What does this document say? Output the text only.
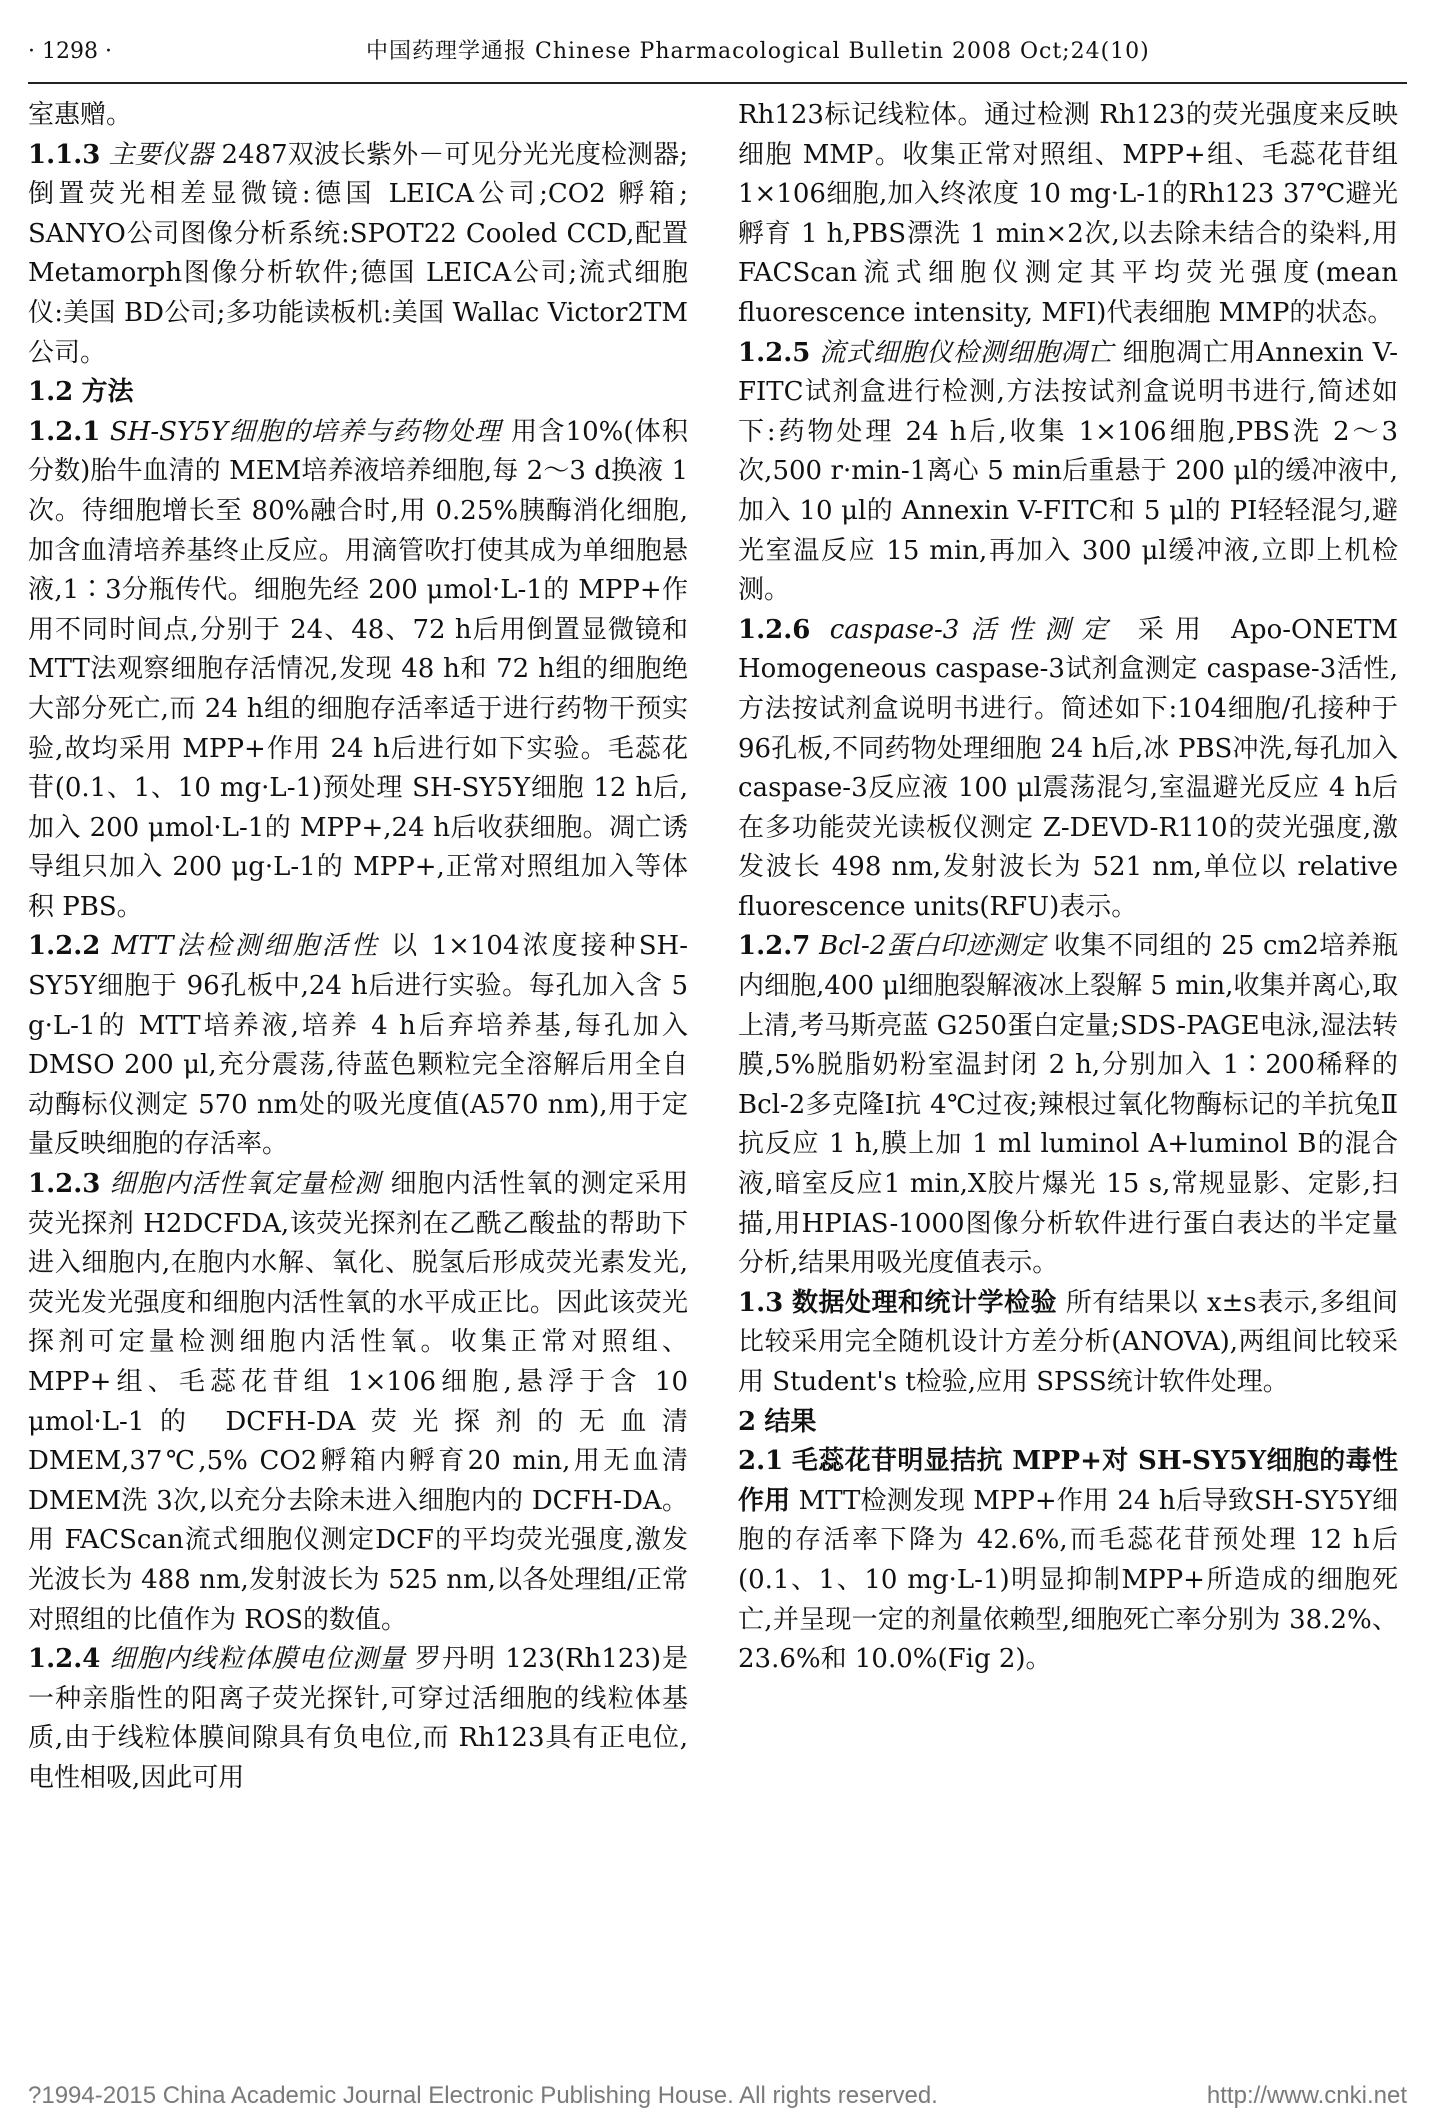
· 1298 ·	中国药理学通报 Chinese Pharmacological Bulletin 2008 Oct;24(10)

室惠赠。

1.1.3 主要仪器 2487双波长紫外－可见分光光度检测器;倒置荧光相差显微镜:德国 LEICA公司;CO2 孵箱; SANYO公司图像分析系统:SPOT22 Cooled CCD,配置 Metamorph图像分析软件;德国 LEICA公司;流式细胞仪:美国 BD公司;多功能读板机:美国 Wallac Victor2TM公司。

1.2 方法

1.2.1 SH-SY5Y细胞的培养与药物处理 用含10%(体积分数)胎牛血清的 MEM培养液培养细胞,每 2～3 d换液 1次。待细胞增长至 80%融合时,用 0.25%胰酶消化细胞,加含血清培养基终止反应。用滴管吹打使其成为单细胞悬液,1∶3分瓶传代。细胞先经 200 μmol·L-1的 MPP+作用不同时间点,分别于 24、48、72 h后用倒置显微镜和 MTT法观察细胞存活情况,发现 48 h和 72 h组的细胞绝大部分死亡,而 24 h组的细胞存活率适于进行药物干预实验,故均采用 MPP+作用 24 h后进行如下实验。毛蕊花苷(0.1、1、10 mg·L-1)预处理 SH-SY5Y细胞 12 h后,加入 200 μmol·L-1的 MPP+,24 h后收获细胞。凋亡诱导组只加入 200 μg·L-1的 MPP+,正常对照组加入等体积 PBS。

1.2.2 MTT法检测细胞活性 以 1×104浓度接种SH-SY5Y细胞于 96孔板中,24 h后进行实验。每孔加入含 5 g·L-1的 MTT培养液,培养 4 h后弃培养基,每孔加入 DMSO 200 μl,充分震荡,待蓝色颗粒完全溶解后用全自动酶标仪测定 570 nm处的吸光度值(A570 nm),用于定量反映细胞的存活率。

1.2.3 细胞内活性氧定量检测 细胞内活性氧的测定采用荧光探剂 H2DCFDA,该荧光探剂在乙酰乙酸盐的帮助下进入细胞内,在胞内水解、氧化、脱氢后形成荧光素发光,荧光发光强度和细胞内活性氧的水平成正比。因此该荧光探剂可定量检测细胞内活性氧。收集正常对照组、MPP+组、毛蕊花苷组 1×106细胞,悬浮于含 10 μmol·L-1的 DCFH-DA荧光探剂的无血清 DMEM,37℃,5% CO2孵箱内孵育20 min,用无血清 DMEM洗 3次,以充分去除未进入细胞内的 DCFH-DA。用 FACScan流式细胞仪测定DCF的平均荧光强度,激发光波长为 488 nm,发射波长为 525 nm,以各处理组/正常对照组的比值作为 ROS的数值。

1.2.4 细胞内线粒体膜电位测量 罗丹明 123(Rh123)是一种亲脂性的阳离子荧光探针,可穿过活细胞的线粒体基质,由于线粒体膜间隙具有负电位,而 Rh123具有正电位,电性相吸,因此可用

Rh123标记线粒体。通过检测 Rh123的荧光强度来反映细胞 MMP。收集正常对照组、MPP+组、毛蕊花苷组 1×106细胞,加入终浓度 10 mg·L-1的Rh123 37℃避光孵育 1 h,PBS漂洗 1 min×2次,以去除未结合的染料,用 FACScan流式细胞仪测定其平均荧光强度(mean fluorescence intensity, MFI)代表细胞 MMP的状态。

1.2.5 流式细胞仪检测细胞凋亡 细胞凋亡用Annexin V-FITC试剂盒进行检测,方法按试剂盒说明书进行,简述如下:药物处理 24 h后,收集 1×106细胞,PBS洗 2～3次,500 r·min-1离心 5 min后重悬于 200 μl的缓冲液中,加入 10 μl的 Annexin V-FITC和 5 μl的 PI轻轻混匀,避光室温反应 15 min,再加入 300 μl缓冲液,立即上机检测。

1.2.6 caspase-3活性测定 采用 Apo-ONETM Homogeneous caspase-3试剂盒测定 caspase-3活性,方法按试剂盒说明书进行。简述如下:104细胞/孔接种于 96孔板,不同药物处理细胞 24 h后,冰 PBS冲洗,每孔加入 caspase-3反应液 100 μl震荡混匀,室温避光反应 4 h后在多功能荧光读板仪测定 Z-DEVD-R110的荧光强度,激发波长 498 nm,发射波长为 521 nm,单位以 relative fluorescence units(RFU)表示。

1.2.7 Bcl-2蛋白印迹测定 收集不同组的 25 cm2培养瓶内细胞,400 μl细胞裂解液冰上裂解 5 min,收集并离心,取上清,考马斯亮蓝 G250蛋白定量;SDS-PAGE电泳,湿法转膜,5%脱脂奶粉室温封闭 2 h,分别加入 1∶200稀释的 Bcl-2多克隆Ⅰ抗 4℃过夜;辣根过氧化物酶标记的羊抗兔Ⅱ抗反应 1 h,膜上加 1 ml luminol A+luminol B的混合液,暗室反应1 min,X胶片爆光 15 s,常规显影、定影,扫描,用HPIAS-1000图像分析软件进行蛋白表达的半定量分析,结果用吸光度值表示。

1.3 数据处理和统计学检验 所有结果以 x±s表示,多组间比较采用完全随机设计方差分析(ANOVA),两组间比较采用 Student's t检验,应用 SPSS统计软件处理。

2 结果

2.1 毛蕊花苷明显拮抗 MPP+对 SH-SY5Y细胞的毒性作用 MTT检测发现 MPP+作用 24 h后导致SH-SY5Y细胞的存活率下降为 42.6%,而毛蕊花苷预处理 12 h后(0.1、1、10 mg·L-1)明显抑制MPP+所造成的细胞死亡,并呈现一定的剂量依赖型,细胞死亡率分别为 38.2%、23.6%和 10.0%(Fig 2)。

?1994-2015 China Academic Journal Electronic Publishing House. All rights reserved.	http://www.cnki.net
